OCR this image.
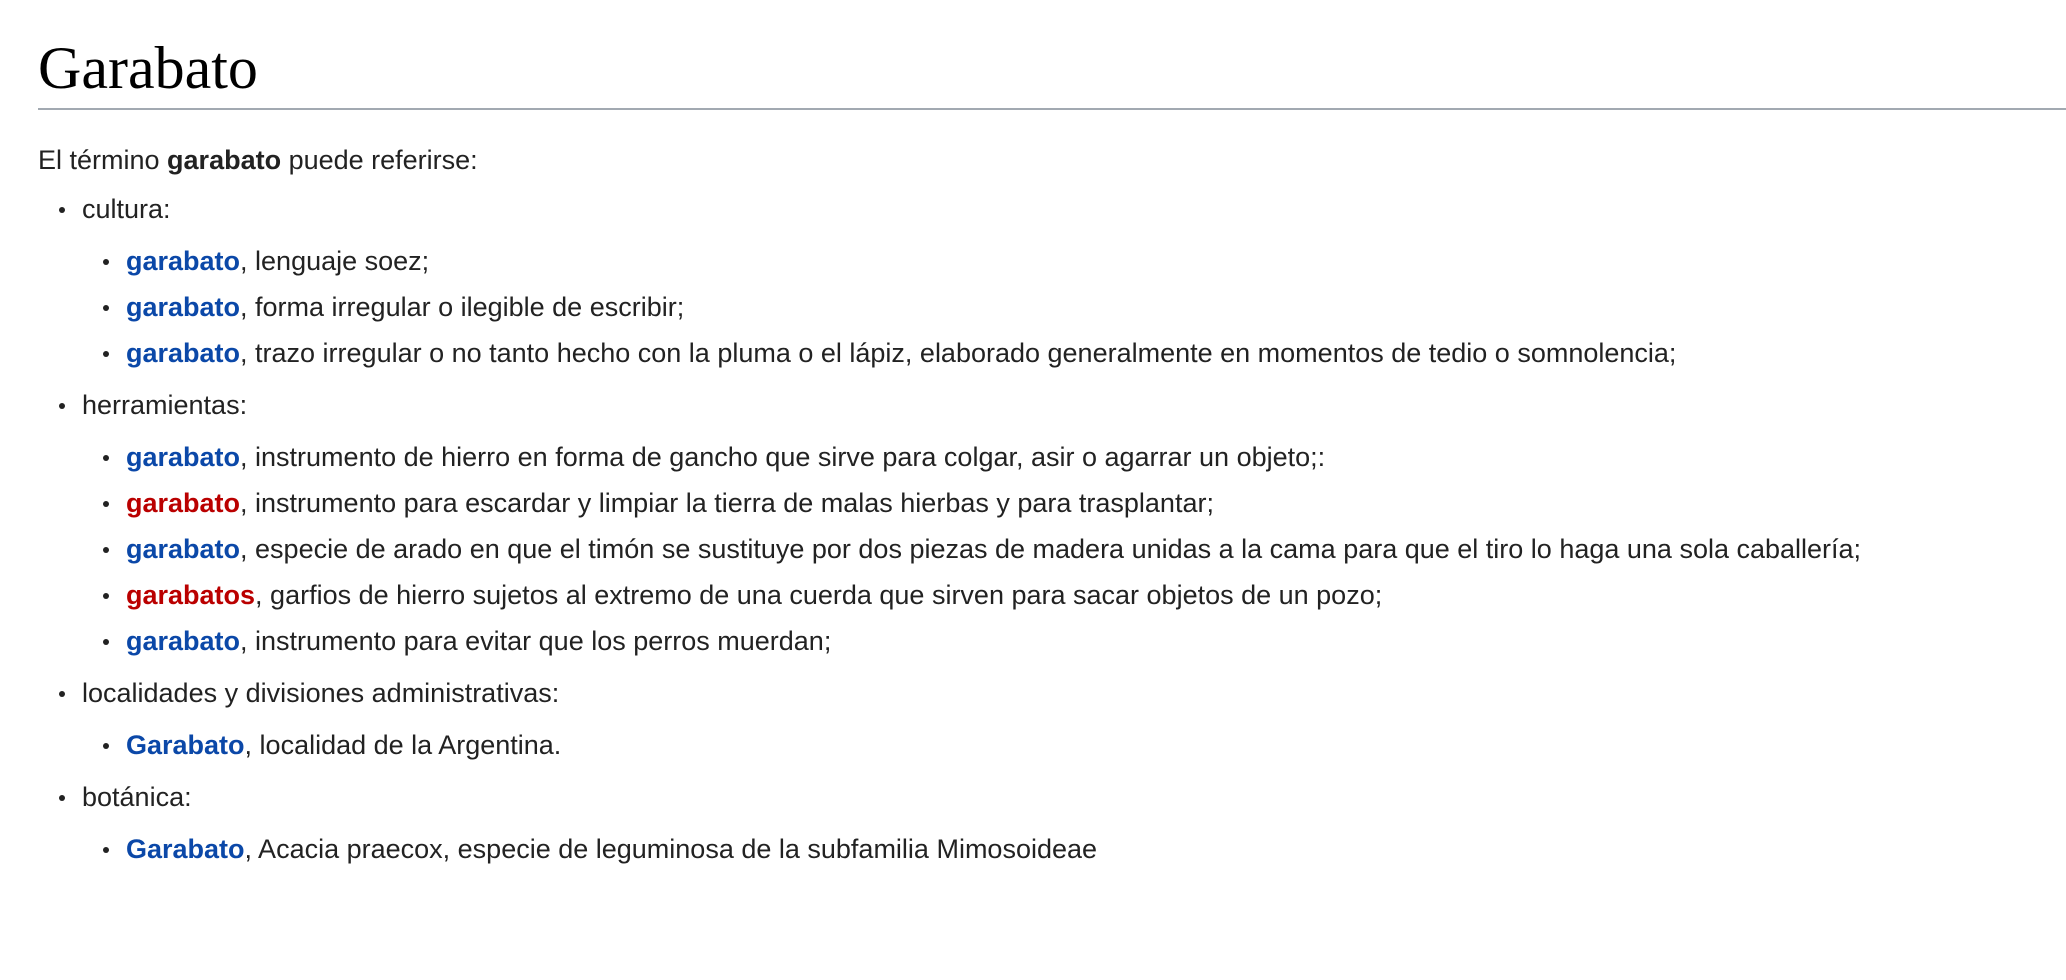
Garabato

El término garabato puede referirse:

cultura:
garabato, lenguaje soez;
garabato, forma irregular o ilegible de escribir;
garabato, trazo irregular o no tanto hecho con la pluma o el lápiz, elaborado generalmente en momentos de tedio o somnolencia;
herramientas:
garabato, instrumento de hierro en forma de gancho que sirve para colgar, asir o agarrar un objeto;:
garabato, instrumento para escardar y limpiar la tierra de malas hierbas y para trasplantar;
garabato, especie de arado en que el timón se sustituye por dos piezas de madera unidas a la cama para que el tiro lo haga una sola caballería;
garabatos, garfios de hierro sujetos al extremo de una cuerda que sirven para sacar objetos de un pozo;
garabato, instrumento para evitar que los perros muerdan;
localidades y divisiones administrativas:
Garabato, localidad de la Argentina.
botánica:
Garabato, Acacia praecox, especie de leguminosa de la subfamilia Mimosoideae
